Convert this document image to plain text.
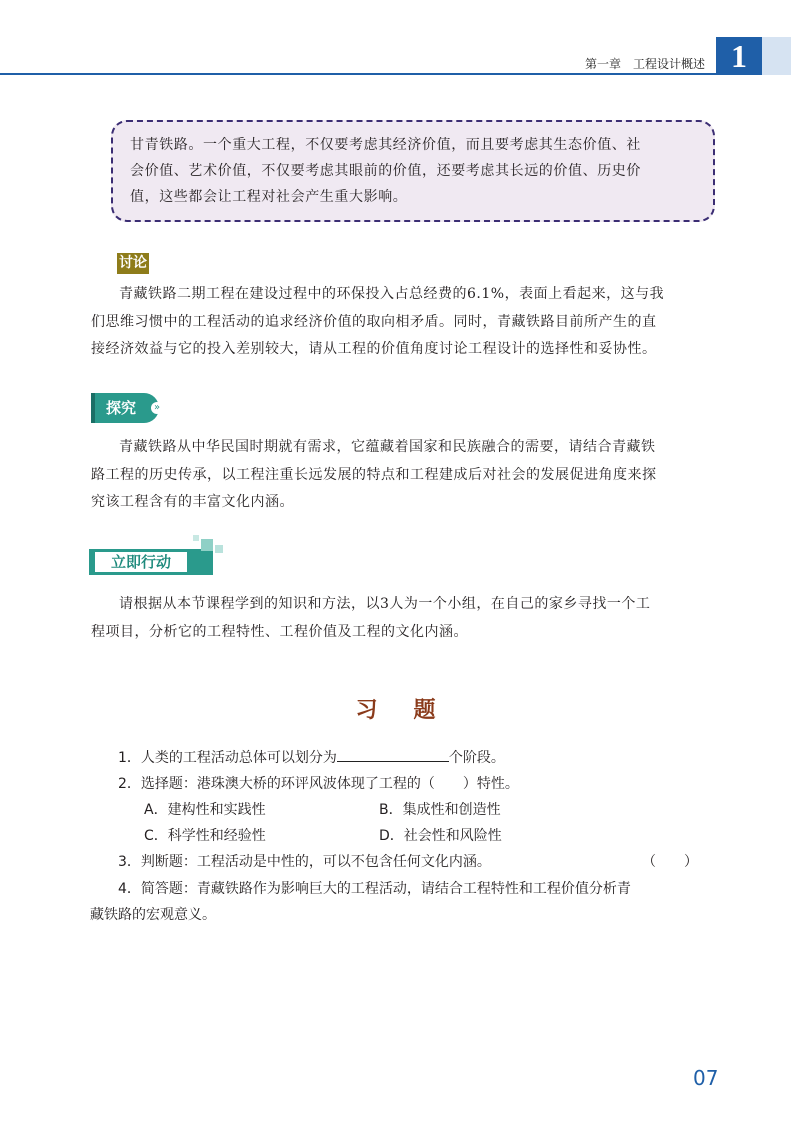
第一章　工程设计概述 1

甘青铁路。一个重大工程，不仅要考虑其经济价值，而且要考虑其生态价值、社

会价值、艺术价值，不仅要考虑其眼前的价值，还要考虑其长远的价值、历史价

值，这些都会让工程对社会产生重大影响。

讨论

青藏铁路二期工程在建设过程中的环保投入占总经费的6.1%，表面上看起来，这与我

们思维习惯中的工程活动的追求经济价值的取向相矛盾。同时，青藏铁路目前所产生的直

接经济效益与它的投入差别较大，请从工程的价值角度讨论工程设计的选择性和妥协性。

探究 »

青藏铁路从中华民国时期就有需求，它蕴藏着国家和民族融合的需要，请结合青藏铁

路工程的历史传承，以工程注重长远发展的特点和工程建成后对社会的发展促进角度来探

究该工程含有的丰富文化内涵。

立即行动

请根据从本节课程学到的知识和方法，以3人为一个小组，在自己的家乡寻找一个工

程项目，分析它的工程特性、工程价值及工程的文化内涵。

习题
1．人类的工程活动总体可以划分为	个阶段。
2．选择题：港珠澳大桥的环评风波体现了工程的（　　）特性。
A．建构性和实践性	B．集成性和创造性
C．科学性和经验性	D．社会性和风险性
3．判断题：工程活动是中性的，可以不包含任何文化内涵。	（　　）
4．简答题：青藏铁路作为影响巨大的工程活动，请结合工程特性和工程价值分析青
藏铁路的宏观意义。
07
